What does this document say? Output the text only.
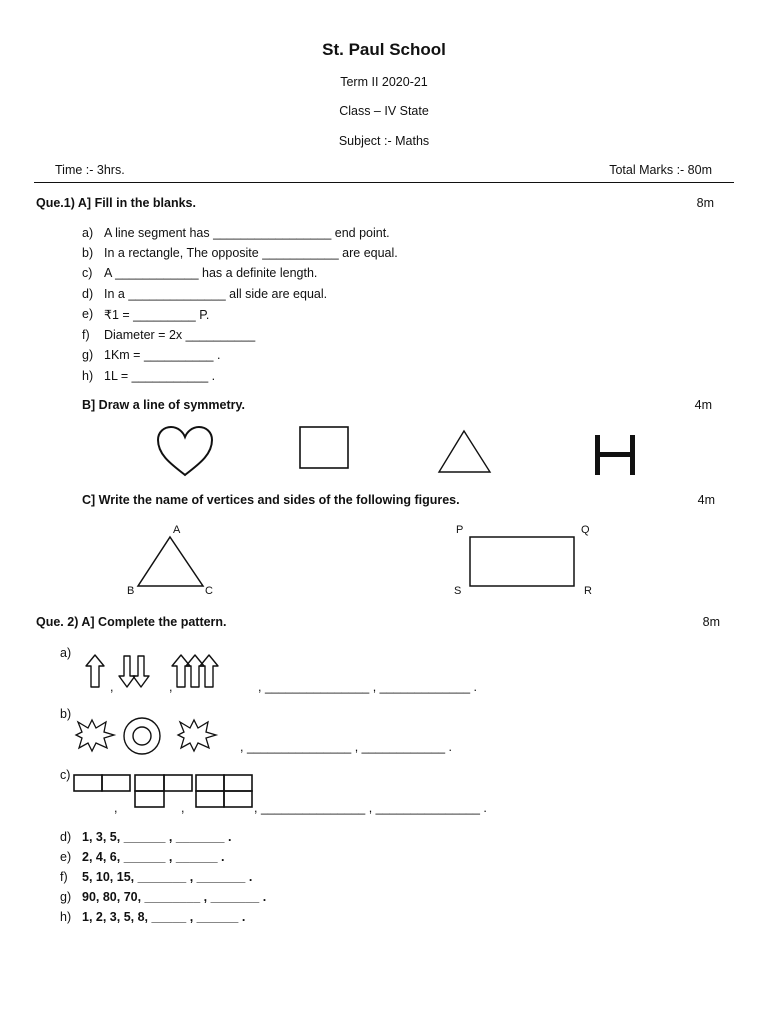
St. Paul School
Term II 2020-21
Class – IV State
Subject :- Maths
Time :- 3hrs.	Total Marks :- 80m
Que.1) A] Fill in the blanks.	8m
a) A line segment has _________________ end point.
b) In a rectangle, The opposite ___________ are equal.
c) A ____________ has a definite length.
d) In a ______________ all side are equal.
e) ₹1 = _________ P.
f) Diameter = 2x __________
g) 1Km = __________ .
h) 1L = ___________ .
B] Draw a line of symmetry.	4m
C] Write the name of vertices and sides of the following figures.	4m
A
B	C
P	Q
S	R
Que. 2) A] Complete the pattern.	8m
a)
,	,	, _______________ , _____________ .
b)
, _______________ , ____________ .
c)
,	,	, _______________ , _______________ .
d) 1, 3, 5, ______ , _______ .
e) 2, 4, 6, ______ , ______ .
f) 5, 10, 15, _______ , _______ .
g) 90, 80, 70, ________ , _______ .
h) 1, 2, 3, 5, 8, _____ , ______ .
